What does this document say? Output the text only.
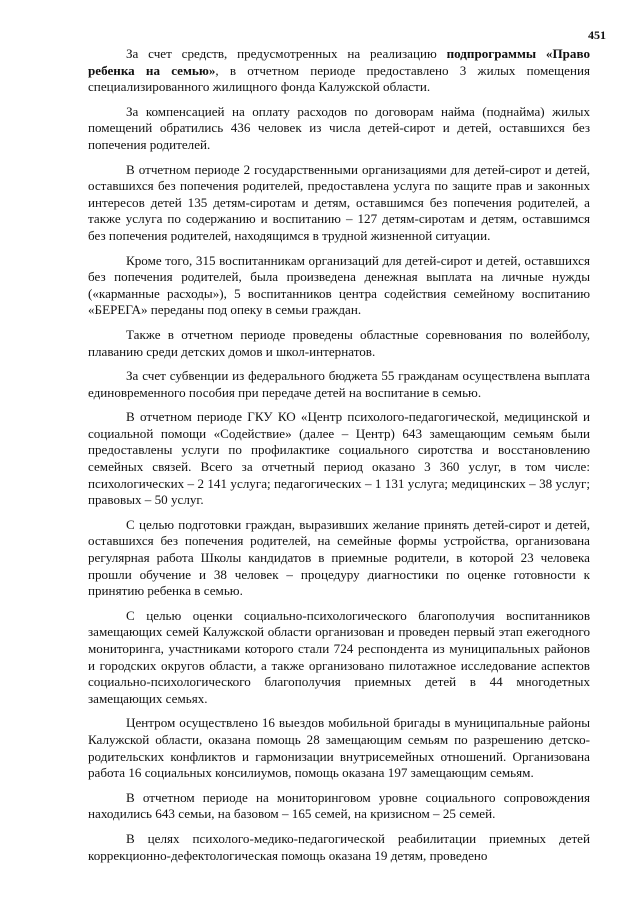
451

За счет средств, предусмотренных на реализацию подпрограммы «Право ребенка на семью», в отчетном периоде предоставлено 3 жилых помещения специализированного жилищного фонда Калужской области.

За компенсацией на оплату расходов по договорам найма (поднайма) жилых помещений обратились 436 человек из числа детей-сирот и детей, оставшихся без попечения родителей.

В отчетном периоде 2 государственными организациями для детей-сирот и детей, оставшихся без попечения родителей, предоставлена услуга по защите прав и законных интересов детей 135 детям-сиротам и детям, оставшимся без попечения родителей, а также услуга по содержанию и воспитанию – 127 детям-сиротам и детям, оставшимся без попечения родителей, находящимся в трудной жизненной ситуации.

Кроме того, 315 воспитанникам организаций для детей-сирот и детей, оставшихся без попечения родителей, была произведена денежная выплата на личные нужды («карманные расходы»), 5 воспитанников центра содействия семейному воспитанию «БЕРЕГА» переданы под опеку в семьи граждан.

Также в отчетном периоде проведены областные соревнования по волейболу, плаванию среди детских домов и школ-интернатов.

За счет субвенции из федерального бюджета 55 гражданам осуществлена выплата единовременного пособия при передаче детей на воспитание в семью.

В отчетном периоде ГКУ КО «Центр психолого-педагогической, медицинской и социальной помощи «Содействие» (далее – Центр) 643 замещающим семьям были предоставлены услуги по профилактике социального сиротства и восстановлению семейных связей. Всего за отчетный период оказано 3 360 услуг, в том числе: психологических – 2 141 услуга; педагогических – 1 131 услуга; медицинских – 38 услуг; правовых – 50 услуг.

С целью подготовки граждан, выразивших желание принять детей-сирот и детей, оставшихся без попечения родителей, на семейные формы устройства, организована регулярная работа Школы кандидатов в приемные родители, в которой 23 человека прошли обучение и 38 человек – процедуру диагностики по оценке готовности к принятию ребенка в семью.

С целью оценки социально-психологического благополучия воспитанников замещающих семей Калужской области организован и проведен первый этап ежегодного мониторинга, участниками которого стали 724 респондента из муниципальных районов и городских округов области, а также организовано пилотажное исследование аспектов социально-психологического благополучия приемных детей в 44 многодетных замещающих семьях.

Центром осуществлено 16 выездов мобильной бригады в муниципальные районы Калужской области, оказана помощь 28 замещающим семьям по разрешению детско-родительских конфликтов и гармонизации внутрисемейных отношений. Организована работа 16 социальных консилиумов, помощь оказана 197 замещающим семьям.

В отчетном периоде на мониторинговом уровне социального сопровождения находились 643 семьи, на базовом – 165 семей, на кризисном – 25 семей.

В целях психолого-медико-педагогической реабилитации приемных детей коррекционно-дефектологическая помощь оказана 19 детям, проведено
